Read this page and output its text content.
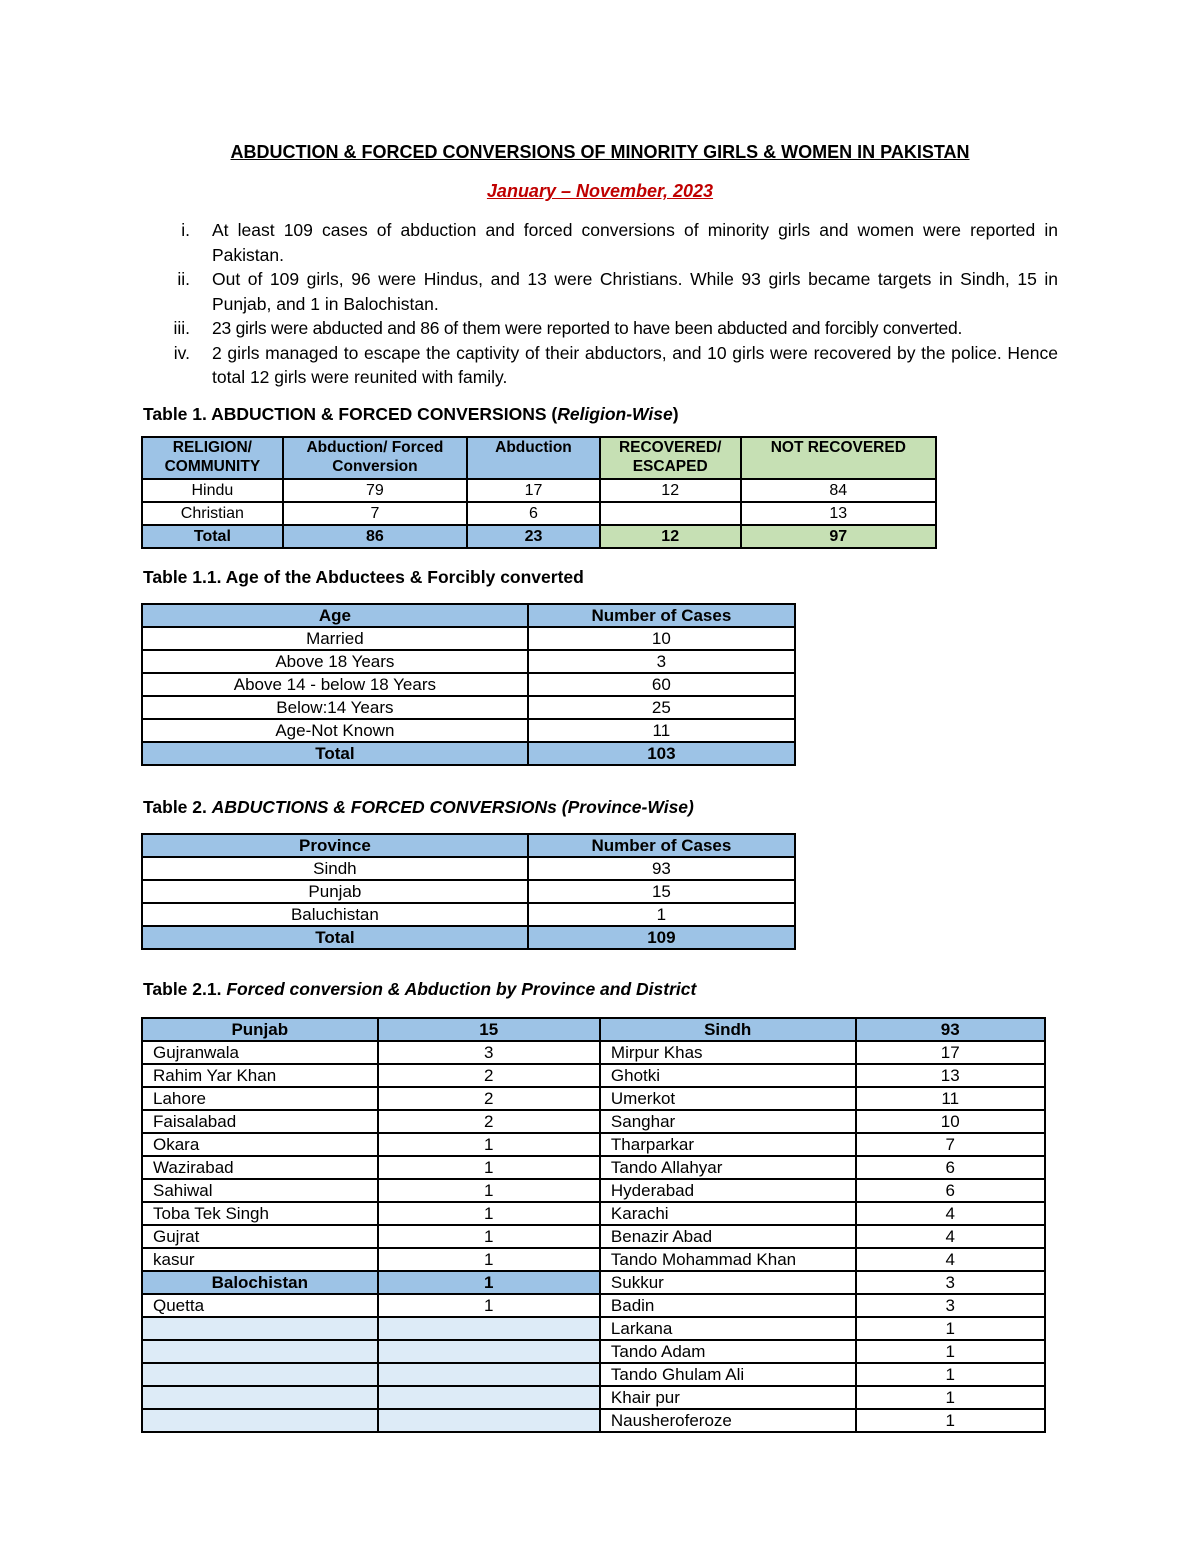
ABDUCTION & FORCED CONVERSIONS OF MINORITY GIRLS & WOMEN IN PAKISTAN
January – November, 2023
i. At least 109 cases of abduction and forced conversions of minority girls and women were reported in Pakistan.
ii. Out of 109 girls, 96 were Hindus, and 13 were Christians. While 93 girls became targets in Sindh, 15 in Punjab, and 1 in Balochistan.
iii. 23 girls were abducted and 86 of them were reported to have been abducted and forcibly converted.
iv. 2 girls managed to escape the captivity of their abductors, and 10 girls were recovered by the police. Hence total 12 girls were reunited with family.

Table 1. ABDUCTION & FORCED CONVERSIONS (Religion-Wise)

RELIGION/ COMMUNITY	Abduction/ Forced Conversion	Abduction	RECOVERED/ ESCAPED	NOT RECOVERED
Hindu	79	17	12	84
Christian	7	6		13
Total	86	23	12	97

Table 1.1. Age of the Abductees & Forcibly converted

Age	Number of Cases
Married	10
Above 18 Years	3
Above 14 - below 18 Years	60
Below:14 Years	25
Age-Not Known	11
Total	103

Table 2. ABDUCTIONS & FORCED CONVERSIONs (Province-Wise)

Province	Number of Cases
Sindh	93
Punjab	15
Baluchistan	1
Total	109

Table 2.1. Forced conversion & Abduction by Province and District

Punjab	15	Sindh	93
Gujranwala	3	Mirpur Khas	17
Rahim Yar Khan	2	Ghotki	13
Lahore	2	Umerkot	11
Faisalabad	2	Sanghar	10
Okara	1	Tharparkar	7
Wazirabad	1	Tando Allahyar	6
Sahiwal	1	Hyderabad	6
Toba Tek Singh	1	Karachi	4
Gujrat	1	Benazir Abad	4
kasur	1	Tando Mohammad Khan	4
Balochistan	1	Sukkur	3
Quetta	1	Badin	3
		Larkana	1
		Tando Adam	1
		Tando Ghulam Ali	1
		Khair pur	1
		Nausheroferoze	1
